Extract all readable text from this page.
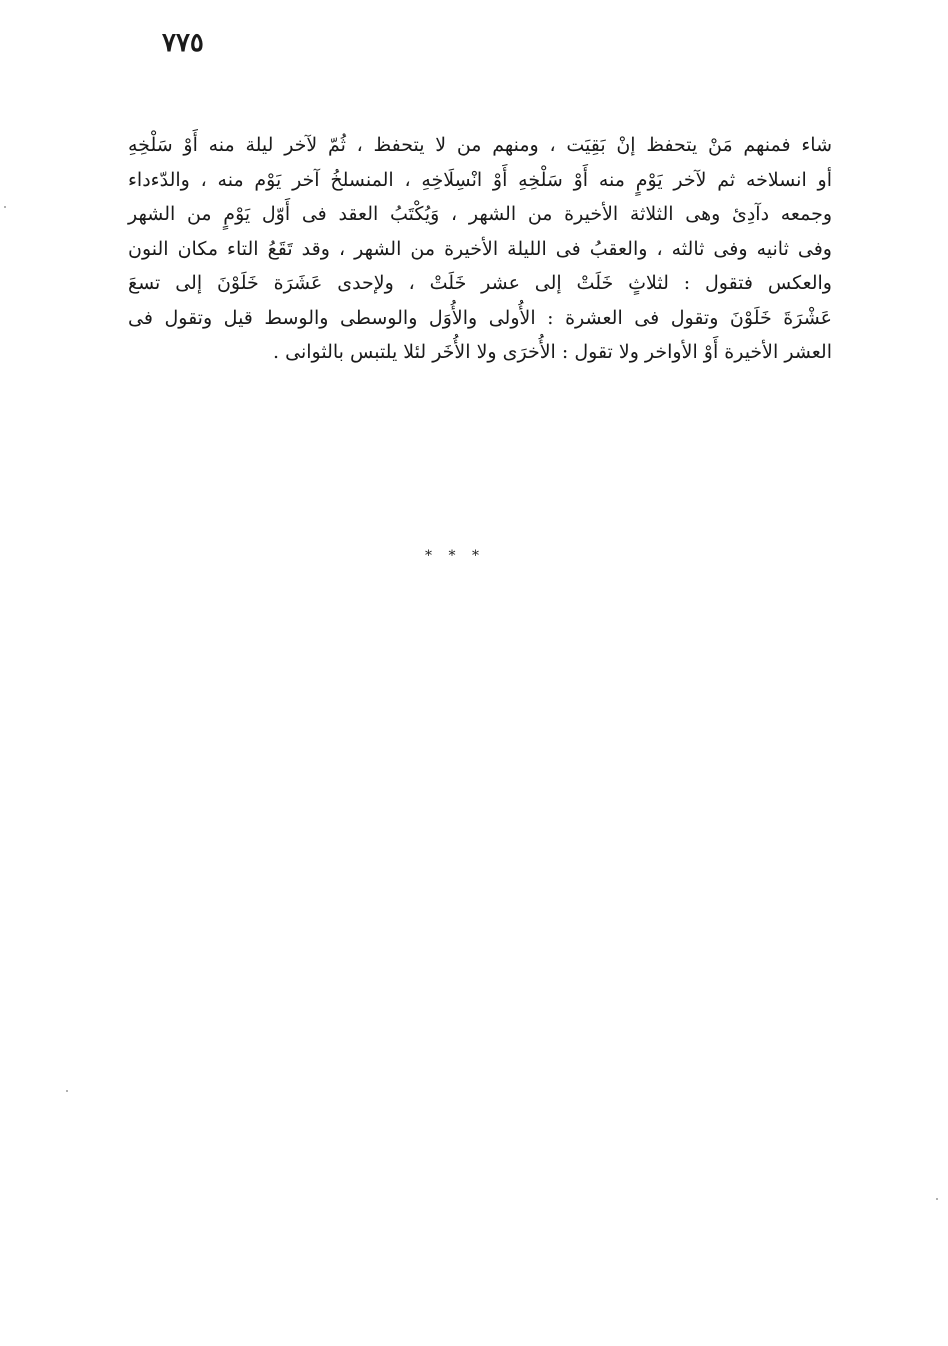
٧٧٥
شاء فمنهم مَنْ يتحفظ إنْ بَقِيَت ، ومنهم من لا يتحفظ ، ثُمّ لآخر ليلة منه أَوْ سَلْخِهِ
أو انسلاخه ثم لآخر يَوْمٍ منه أَوْ سَلْخِهِ أَوْ انْسِلَاخِهِ ، المنسلخُ آخر يَوْم منه ، والدّءداء
وجمعه دآدِئ وهى الثلاثة الأخيرة من الشهر ، وَيُكْتَبُ العقد فى أَوّل يَوْمٍ من الشهر
وفى ثانيه وفى ثالثه ، والعقبُ فى الليلة الأخيرة من الشهر ، وقد تَقَعُ التاء مكان النون
والعكس فتقول : لثلاثٍ خَلَتْ إلى عشر خَلَتْ ، ولإحدى عَشَرَة خَلَوْنَ إلى تسعَ
عَشْرَةَ خَلَوْنَ وتقول فى العشرة : الأُولى والأُوَل والوسطى والوسط قيل وتقول فى
العشر الأخيرة أَوْ الأواخر ولا تقول : الأُخرَى ولا الأُخَر لئلا يلتبس بالثوانى .
* * *
